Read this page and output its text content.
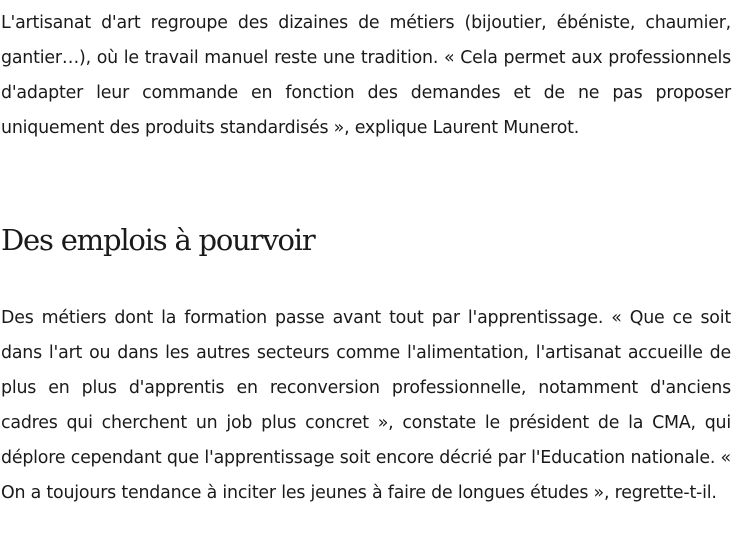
L'artisanat d'art regroupe des dizaines de métiers (bijoutier, ébéniste, chaumier, gantier…), où le travail manuel reste une tradition. « Cela permet aux professionnels d'adapter leur commande en fonction des demandes et de ne pas proposer uniquement des produits standardisés », explique Laurent Munerot.

Des emplois à pourvoir

Des métiers dont la formation passe avant tout par l'apprentissage. « Que ce soit dans l'art ou dans les autres secteurs comme l'alimentation, l'artisanat accueille de plus en plus d'apprentis en reconversion professionnelle, notamment d'anciens cadres qui cherchent un job plus concret », constate le président de la CMA, qui déplore cependant que l'apprentissage soit encore décrié par l'Education nationale. « On a toujours tendance à inciter les jeunes à faire de longues études », regrette-t-il.
